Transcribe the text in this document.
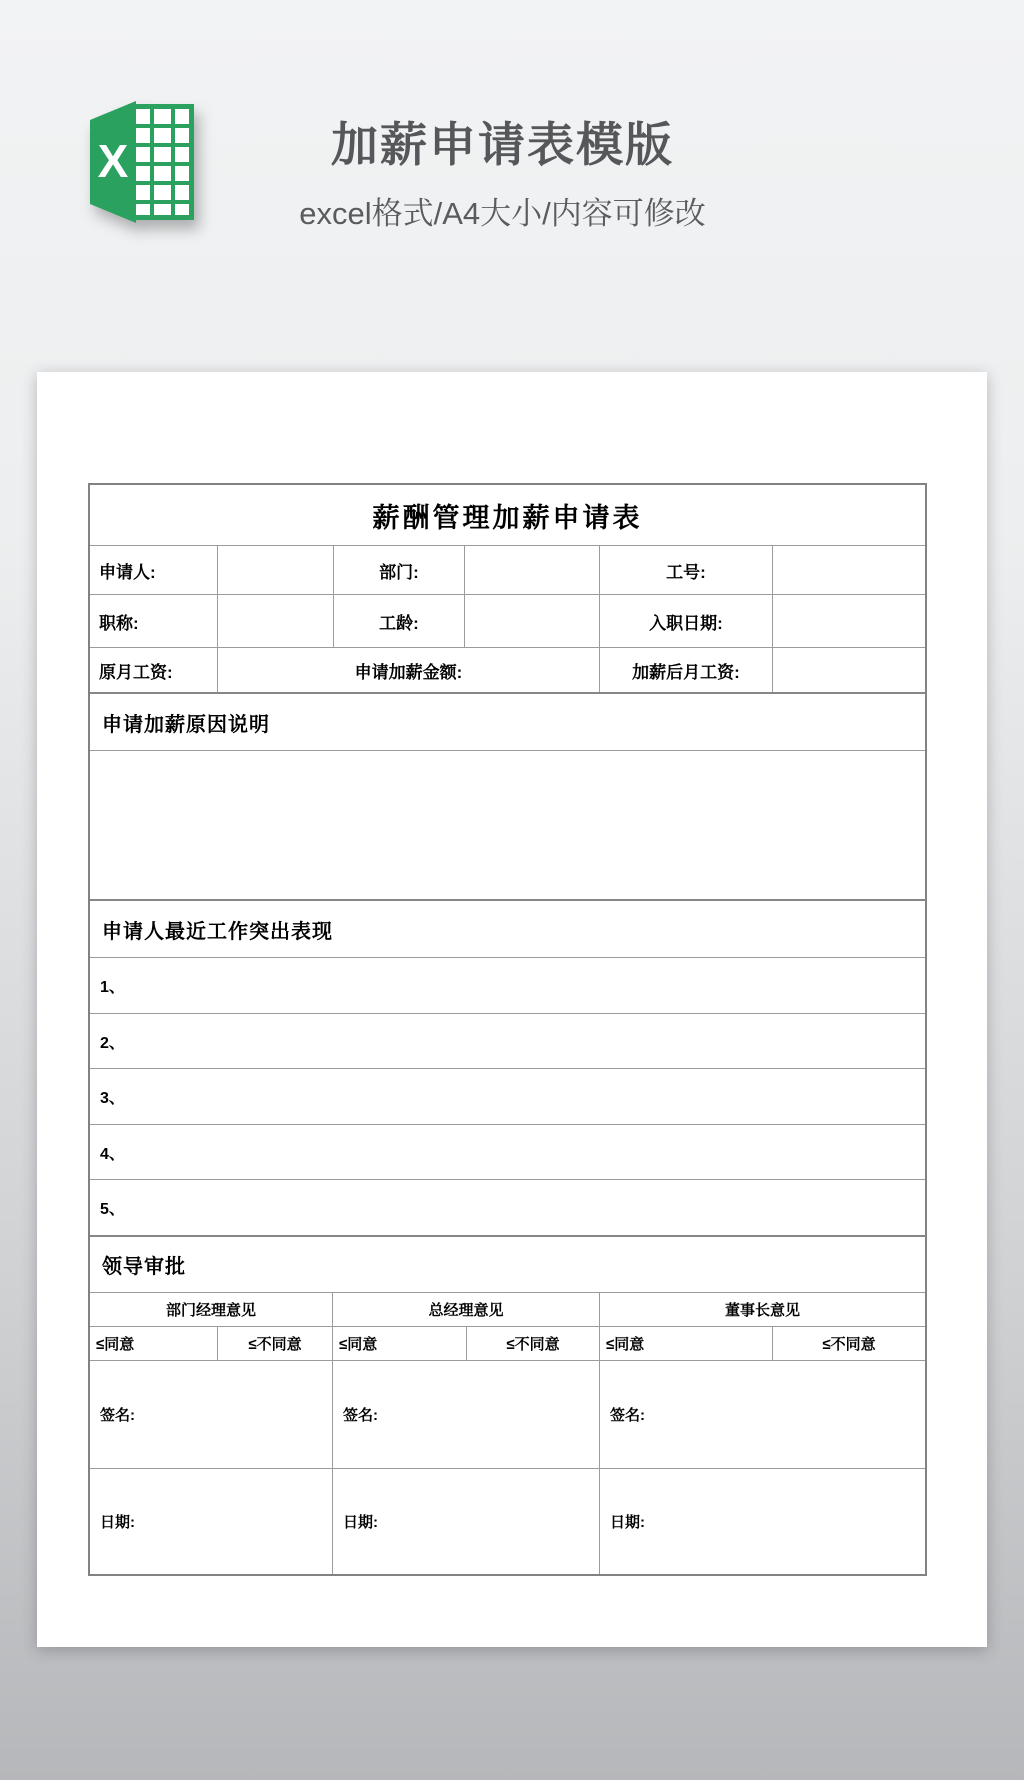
X	加薪申请表模版
excel格式/A4大小/内容可修改
薪酬管理加薪申请表
申请人:	部门:	工号:
职称:	工龄:	入职日期:
原月工资:	申请加薪金额:	加薪后月工资:
申请加薪原因说明
申请人最近工作突出表现
1、
2、
3、
4、
5、
领导审批
部门经理意见	总经理意见	董事长意见
≤同意	≤不同意	≤同意	≤不同意	≤同意	≤不同意
签名:	签名:	签名:
日期:	日期:	日期:
